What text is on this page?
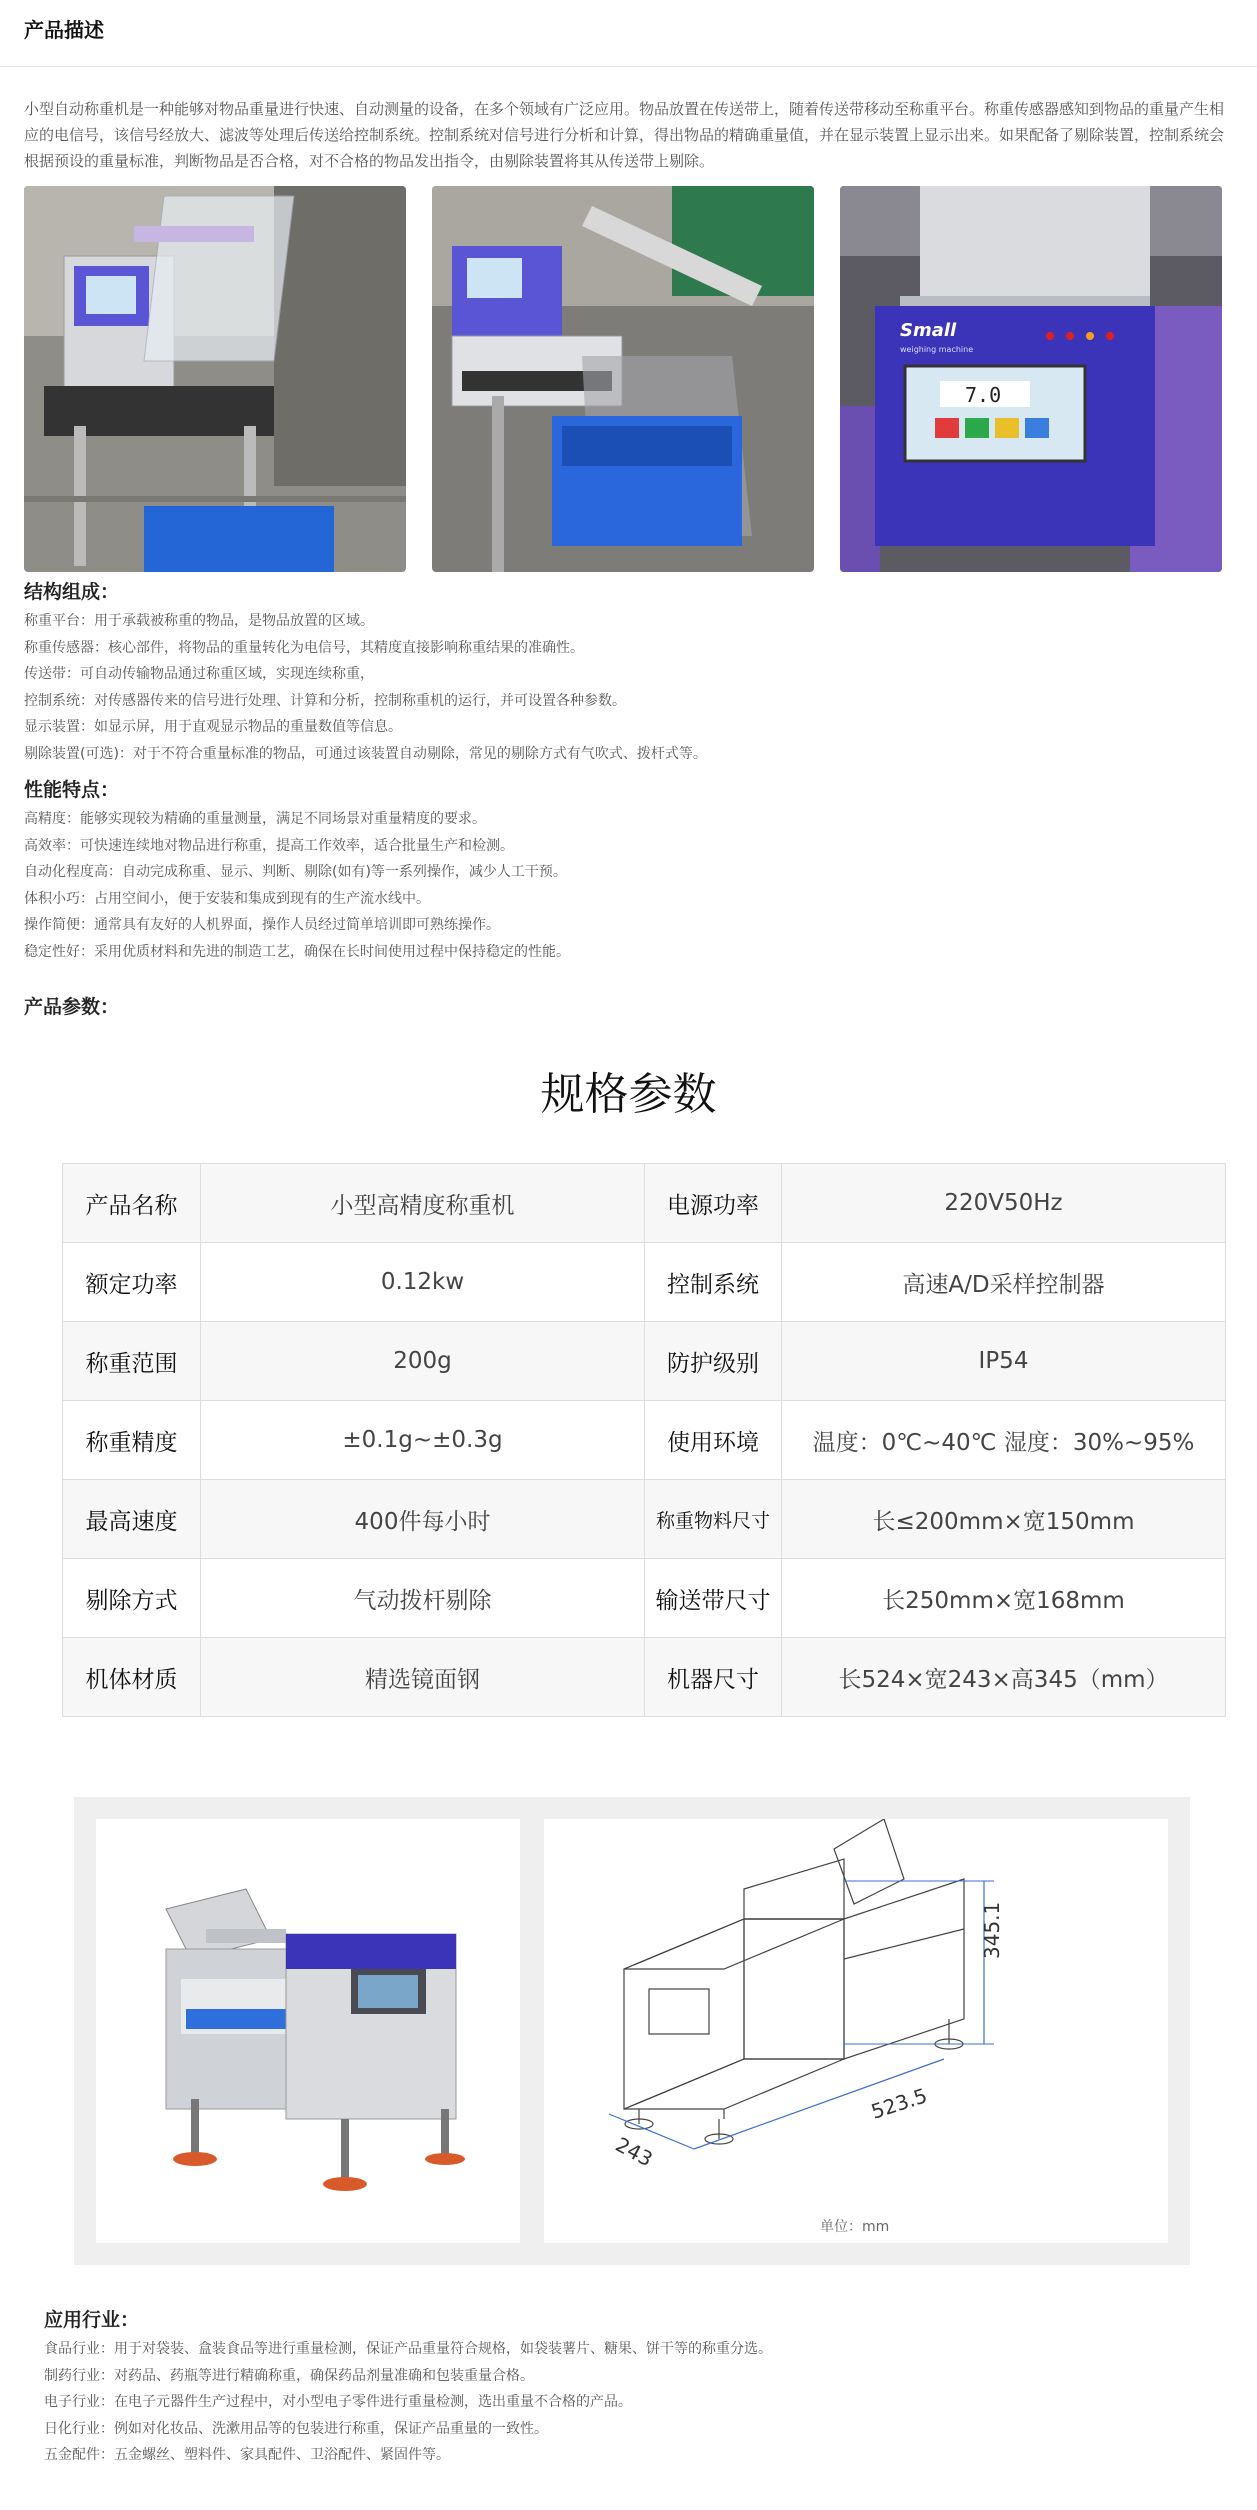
产品描述
小型自动称重机是一种能够对物品重量进行快速、自动测量的设备，在多个领域有广泛应用。物品放置在传送带上，随着传送带移动至称重平台。称重传感器感知到物品的重量产生相应的电信号，该信号经放大、滤波等处理后传送给控制系统。控制系统对信号进行分析和计算，得出物品的精确重量值，并在显示装置上显示出来。如果配备了剔除装置，控制系统会根据预设的重量标准，判断物品是否合格，对不合格的物品发出指令，由剔除装置将其从传送带上剔除。
Small
weighing machine
7.0
结构组成：
称重平台：用于承载被称重的物品，是物品放置的区域。
称重传感器：核心部件，将物品的重量转化为电信号，其精度直接影响称重结果的准确性。
传送带：可自动传输物品通过称重区域，实现连续称重，
控制系统：对传感器传来的信号进行处理、计算和分析，控制称重机的运行，并可设置各种参数。
显示装置：如显示屏，用于直观显示物品的重量数值等信息。
剔除装置(可选)：对于不符合重量标准的物品，可通过该装置自动剔除，常见的剔除方式有气吹式、拨杆式等。
性能特点：
高精度：能够实现较为精确的重量测量，满足不同场景对重量精度的要求。
高效率：可快速连续地对物品进行称重，提高工作效率，适合批量生产和检测。
自动化程度高：自动完成称重、显示、判断、剔除(如有)等一系列操作，减少人工干预。
体积小巧：占用空间小，便于安装和集成到现有的生产流水线中。
操作简便：通常具有友好的人机界面，操作人员经过简单培训即可熟练操作。
稳定性好：采用优质材料和先进的制造工艺，确保在长时间使用过程中保持稳定的性能。
产品参数：
规格参数
产品名称	小型高精度称重机	电源功率	220V50Hz
额定功率	0.12kw	控制系统	高速A/D采样控制器
称重范围	200g	防护级别	IP54
称重精度	±0.1g~±0.3g	使用环境	温度：0℃~40℃ 湿度：30%~95%
最高速度	400件每小时	称重物料尺寸	长≤200mm×宽150mm
剔除方式	气动拨杆剔除	输送带尺寸	长250mm×宽168mm
机体材质	精选镜面钢	机器尺寸	长524×宽243×高345（mm）
345.1
523.5
243
单位：mm
应用行业：
食品行业：用于对袋装、盒装食品等进行重量检测，保证产品重量符合规格，如袋装薯片、糖果、饼干等的称重分选。
制药行业：对药品、药瓶等进行精确称重，确保药品剂量准确和包装重量合格。
电子行业：在电子元器件生产过程中，对小型电子零件进行重量检测，选出重量不合格的产品。
日化行业：例如对化妆品、洗漱用品等的包装进行称重，保证产品重量的一致性。
五金配件：五金螺丝、塑料件、家具配件、卫浴配件、紧固件等。
